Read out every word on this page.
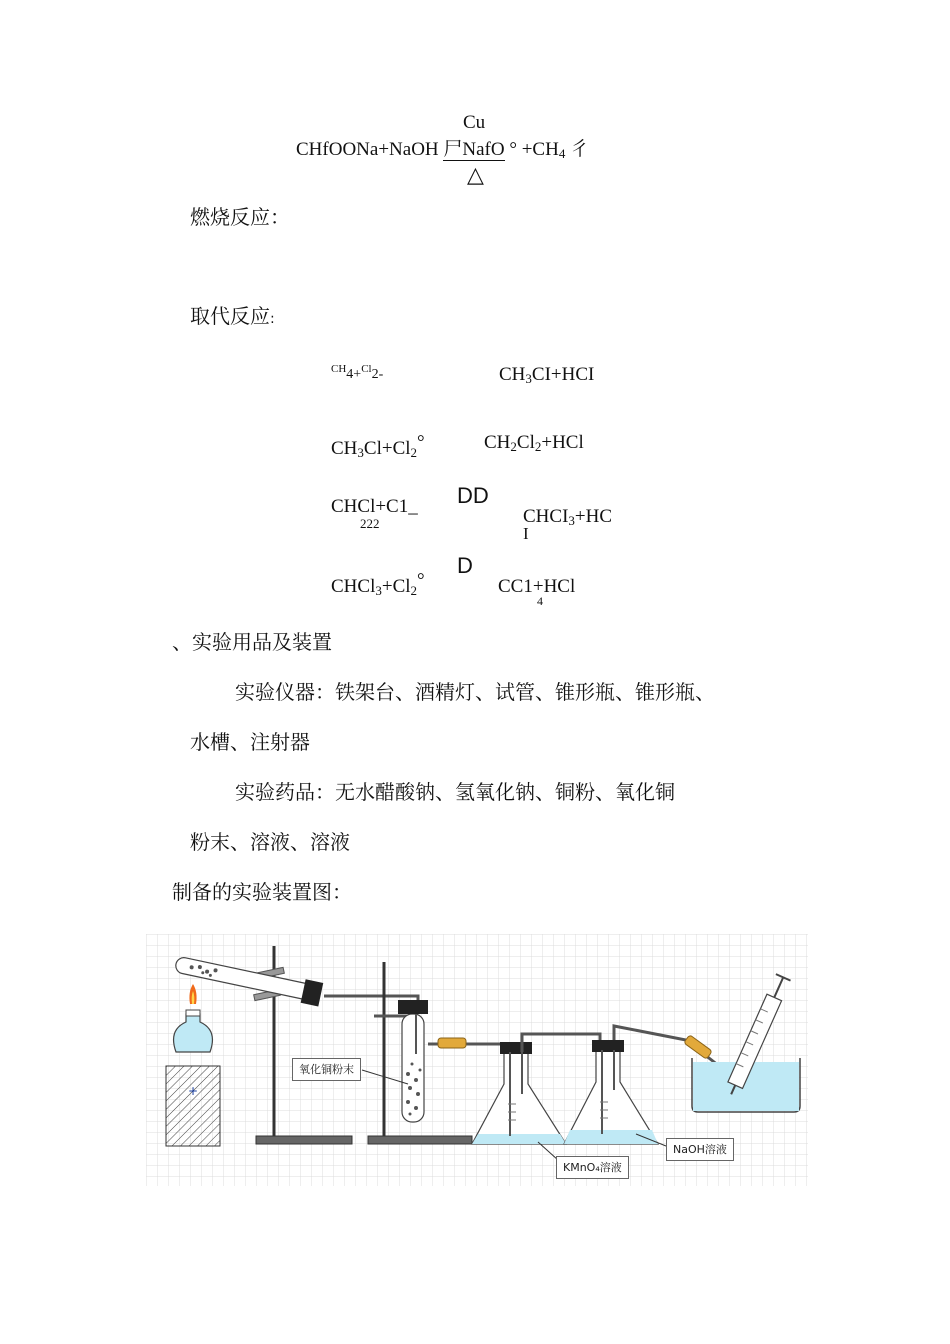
Cu
CHfOONa+NaOH 尸NafO ° $+CH_4$ 彳
△
燃烧反应：
取代反应:
$^{CH}$4+$^{Cl}$2-	$CH_3CI+HCI$
$CH_3Cl+Cl_2^\circ$	$CH_2Cl_2+HCl$
CHCl+C1_
222
DD
$CHCI_3+HC$
I
$CHCl_3+Cl_2^\circ$
D
CC1+HCl
4
、实验用品及装置
实验仪器：铁架台、酒精灯、试管、锥形瓶、锥形瓶、
水槽、注射器
实验药品：无水醋酸钠、氢氧化钠、铜粉、氧化铜
粉末、溶液、溶液
制备的实验装置图：
+
氧化铜粉末
KMnO₄溶液
NaOH溶液
